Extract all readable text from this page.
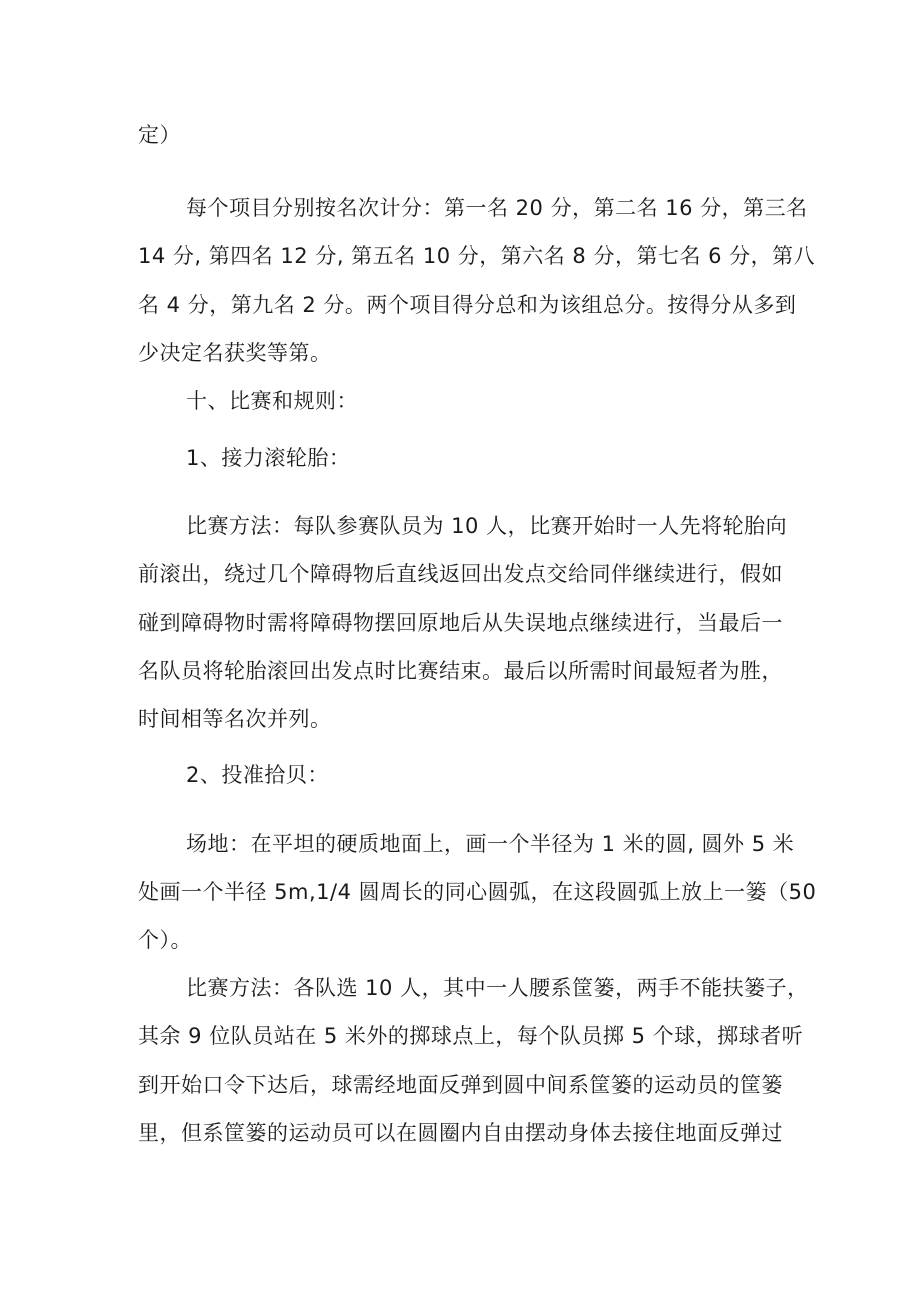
定）
每个项目分别按名次计分：第一名 20 分，第二名 16 分，第三名
14 分, 第四名 12 分, 第五名 10 分，第六名 8 分，第七名 6 分，第八
名 4 分，第九名 2 分。两个项目得分总和为该组总分。按得分从多到
少决定名获奖等第。
十、比赛和规则：
1、接力滚轮胎：
比赛方法：每队参赛队员为 10 人，比赛开始时一人先将轮胎向
前滚出，绕过几个障碍物后直线返回出发点交给同伴继续进行，假如
碰到障碍物时需将障碍物摆回原地后从失误地点继续进行，当最后一
名队员将轮胎滚回出发点时比赛结束。最后以所需时间最短者为胜，
时间相等名次并列。
2、投准拾贝：
场地：在平坦的硬质地面上，画一个半径为 1 米的圆, 圆外 5 米
处画一个半径 5m,1/4 圆周长的同心圆弧，在这段圆弧上放上一篓（50
个）。
比赛方法：各队选 10 人，其中一人腰系筐篓，两手不能扶篓子，
其余 9 位队员站在 5 米外的掷球点上，每个队员掷 5 个球，掷球者听
到开始口令下达后，球需经地面反弹到圆中间系筐篓的运动员的筐篓
里，但系筐篓的运动员可以在圆圈内自由摆动身体去接住地面反弹过
